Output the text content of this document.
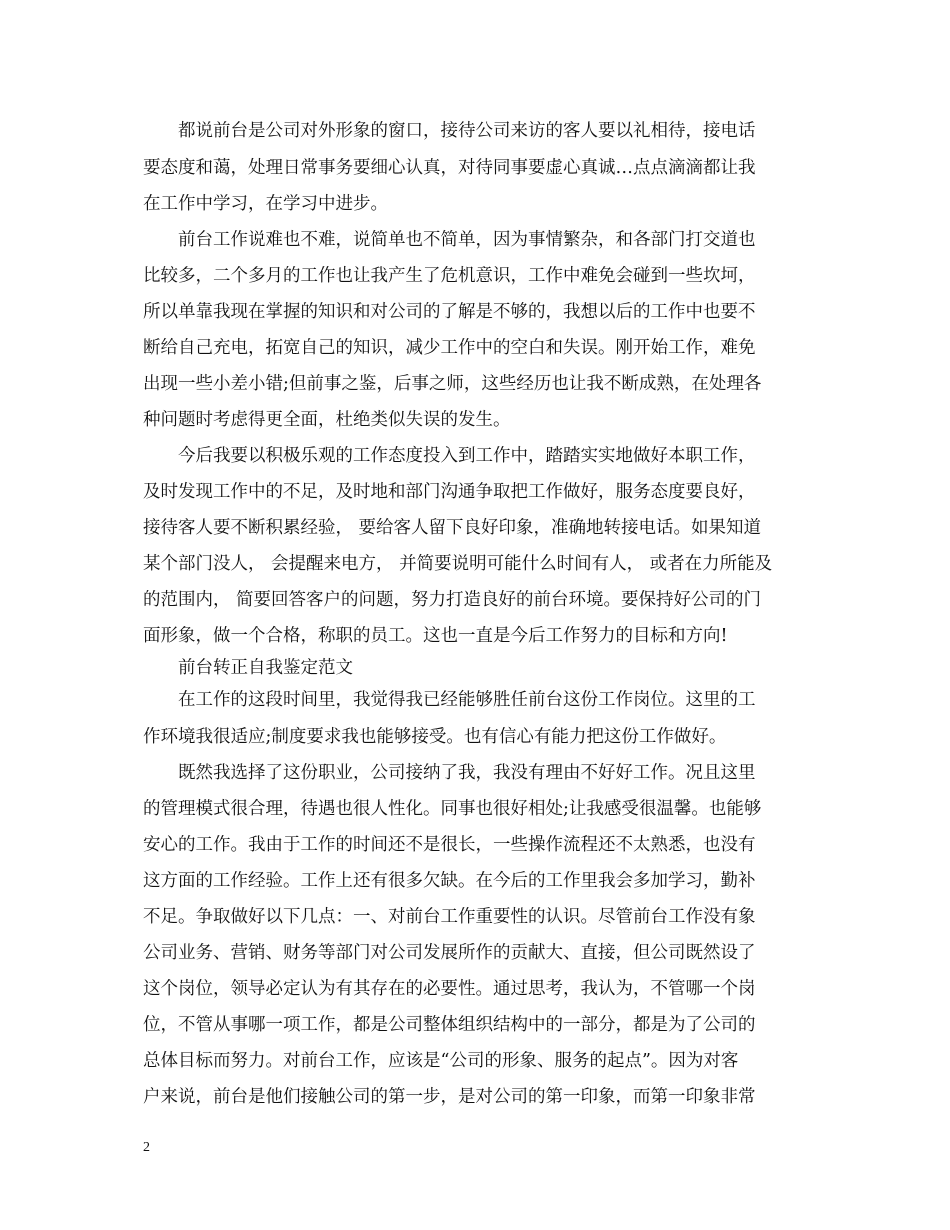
都说前台是公司对外形象的窗口，接待公司来访的客人要以礼相待，接电话
要态度和蔼，处理日常事务要细心认真，对待同事要虚心真诚…点点滴滴都让我
在工作中学习，在学习中进步。
前台工作说难也不难，说简单也不简单，因为事情繁杂，和各部门打交道也
比较多，二个多月的工作也让我产生了危机意识，工作中难免会碰到一些坎坷，
所以单靠我现在掌握的知识和对公司的了解是不够的，我想以后的工作中也要不
断给自己充电，拓宽自己的知识，减少工作中的空白和失误。刚开始工作，难免
出现一些小差小错;但前事之鉴，后事之师，这些经历也让我不断成熟，在处理各
种问题时考虑得更全面，杜绝类似失误的发生。
今后我要以积极乐观的工作态度投入到工作中，踏踏实实地做好本职工作，
及时发现工作中的不足，及时地和部门沟通争取把工作做好，服务态度要良好，
接待客人要不断积累经验， 要给客人留下良好印象，准确地转接电话。如果知道
某个部门没人， 会提醒来电方， 并简要说明可能什么时间有人， 或者在力所能及
的范围内， 简要回答客户的问题，努力打造良好的前台环境。要保持好公司的门
面形象，做一个合格，称职的员工。这也一直是今后工作努力的目标和方向!
前台转正自我鉴定范文
在工作的这段时间里，我觉得我已经能够胜任前台这份工作岗位。这里的工
作环境我很适应;制度要求我也能够接受。也有信心有能力把这份工作做好。
既然我选择了这份职业，公司接纳了我，我没有理由不好好工作。况且这里
的管理模式很合理，待遇也很人性化。同事也很好相处;让我感受很温馨。也能够
安心的工作。我由于工作的时间还不是很长，一些操作流程还不太熟悉，也没有
这方面的工作经验。工作上还有很多欠缺。在今后的工作里我会多加学习，勤补
不足。争取做好以下几点：一、对前台工作重要性的认识。尽管前台工作没有象
公司业务、营销、财务等部门对公司发展所作的贡献大、直接，但公司既然设了
这个岗位，领导必定认为有其存在的必要性。通过思考，我认为，不管哪一个岗
位，不管从事哪一项工作，都是公司整体组织结构中的一部分，都是为了公司的
总体目标而努力。对前台工作，应该是“公司的形象、服务的起点”。因为对客
户来说，前台是他们接触公司的第一步，是对公司的第一印象，而第一印象非常
2
